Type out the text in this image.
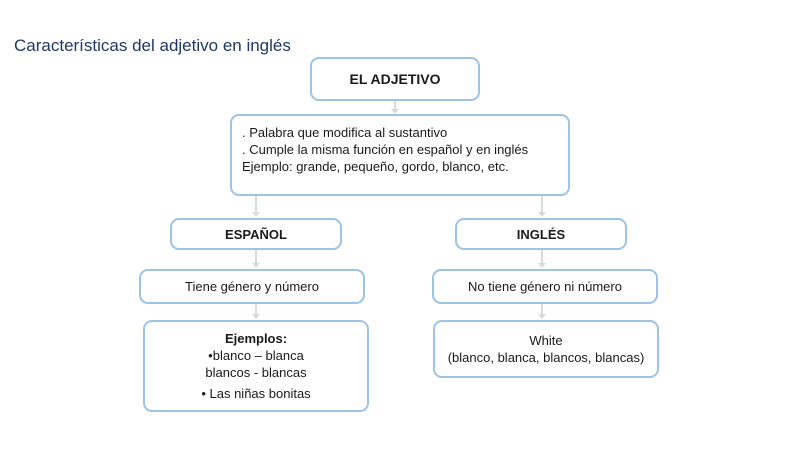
Características del adjetivo en inglés
EL ADJETIVO
. Palabra que modifica al sustantivo
. Cumple la misma función en español y en inglés
Ejemplo: grande, pequeño, gordo, blanco, etc.
ESPAÑOL	INGLÉS
Tiene género y número	No tiene género ni número
Ejemplos:
•blanco – blanca
blancos - blancas
• Las niñas bonitas
White
(blanco, blanca, blancos, blancas)
